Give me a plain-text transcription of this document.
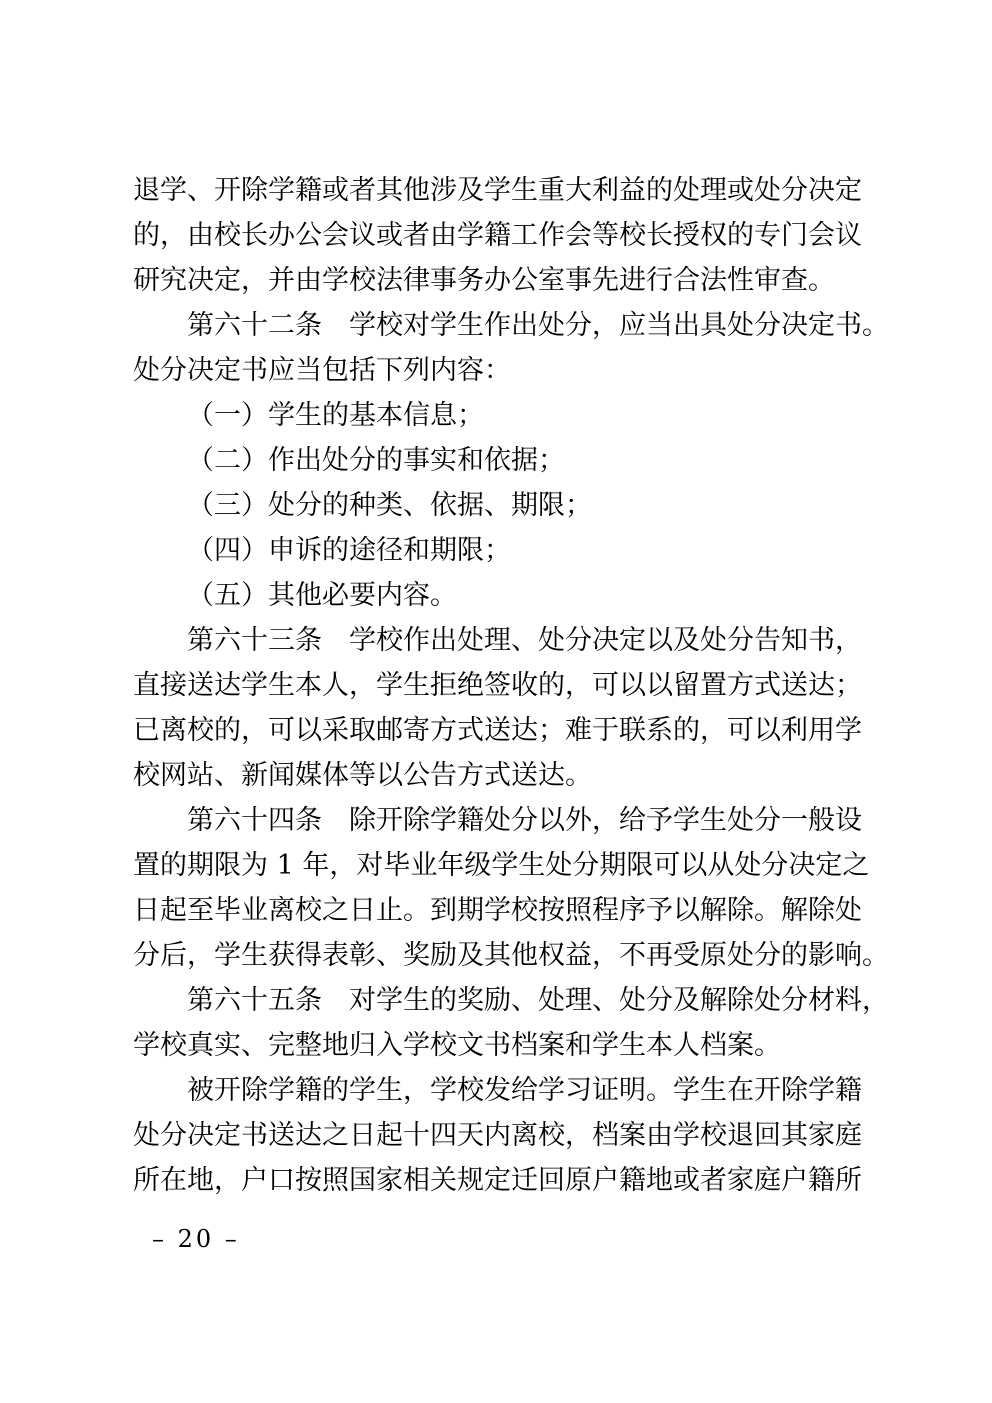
退学、开除学籍或者其他涉及学生重大利益的处理或处分决定
的，由校长办公会议或者由学籍工作会等校长授权的专门会议
研究决定，并由学校法律事务办公室事先进行合法性审查。
第六十二条　学校对学生作出处分，应当出具处分决定书。
处分决定书应当包括下列内容：
（一）学生的基本信息；
（二）作出处分的事实和依据；
（三）处分的种类、依据、期限；
（四）申诉的途径和期限；
（五）其他必要内容。
第六十三条　学校作出处理、处分决定以及处分告知书，
直接送达学生本人，学生拒绝签收的，可以以留置方式送达；
已离校的，可以采取邮寄方式送达；难于联系的，可以利用学
校网站、新闻媒体等以公告方式送达。
第六十四条　除开除学籍处分以外，给予学生处分一般设
置的期限为 1 年，对毕业年级学生处分期限可以从处分决定之
日起至毕业离校之日止。到期学校按照程序予以解除。解除处
分后，学生获得表彰、奖励及其他权益，不再受原处分的影响。
第六十五条　对学生的奖励、处理、处分及解除处分材料，
学校真实、完整地归入学校文书档案和学生本人档案。
被开除学籍的学生，学校发给学习证明。学生在开除学籍
处分决定书送达之日起十四天内离校，档案由学校退回其家庭
所在地，户口按照国家相关规定迁回原户籍地或者家庭户籍所
– 20 –
